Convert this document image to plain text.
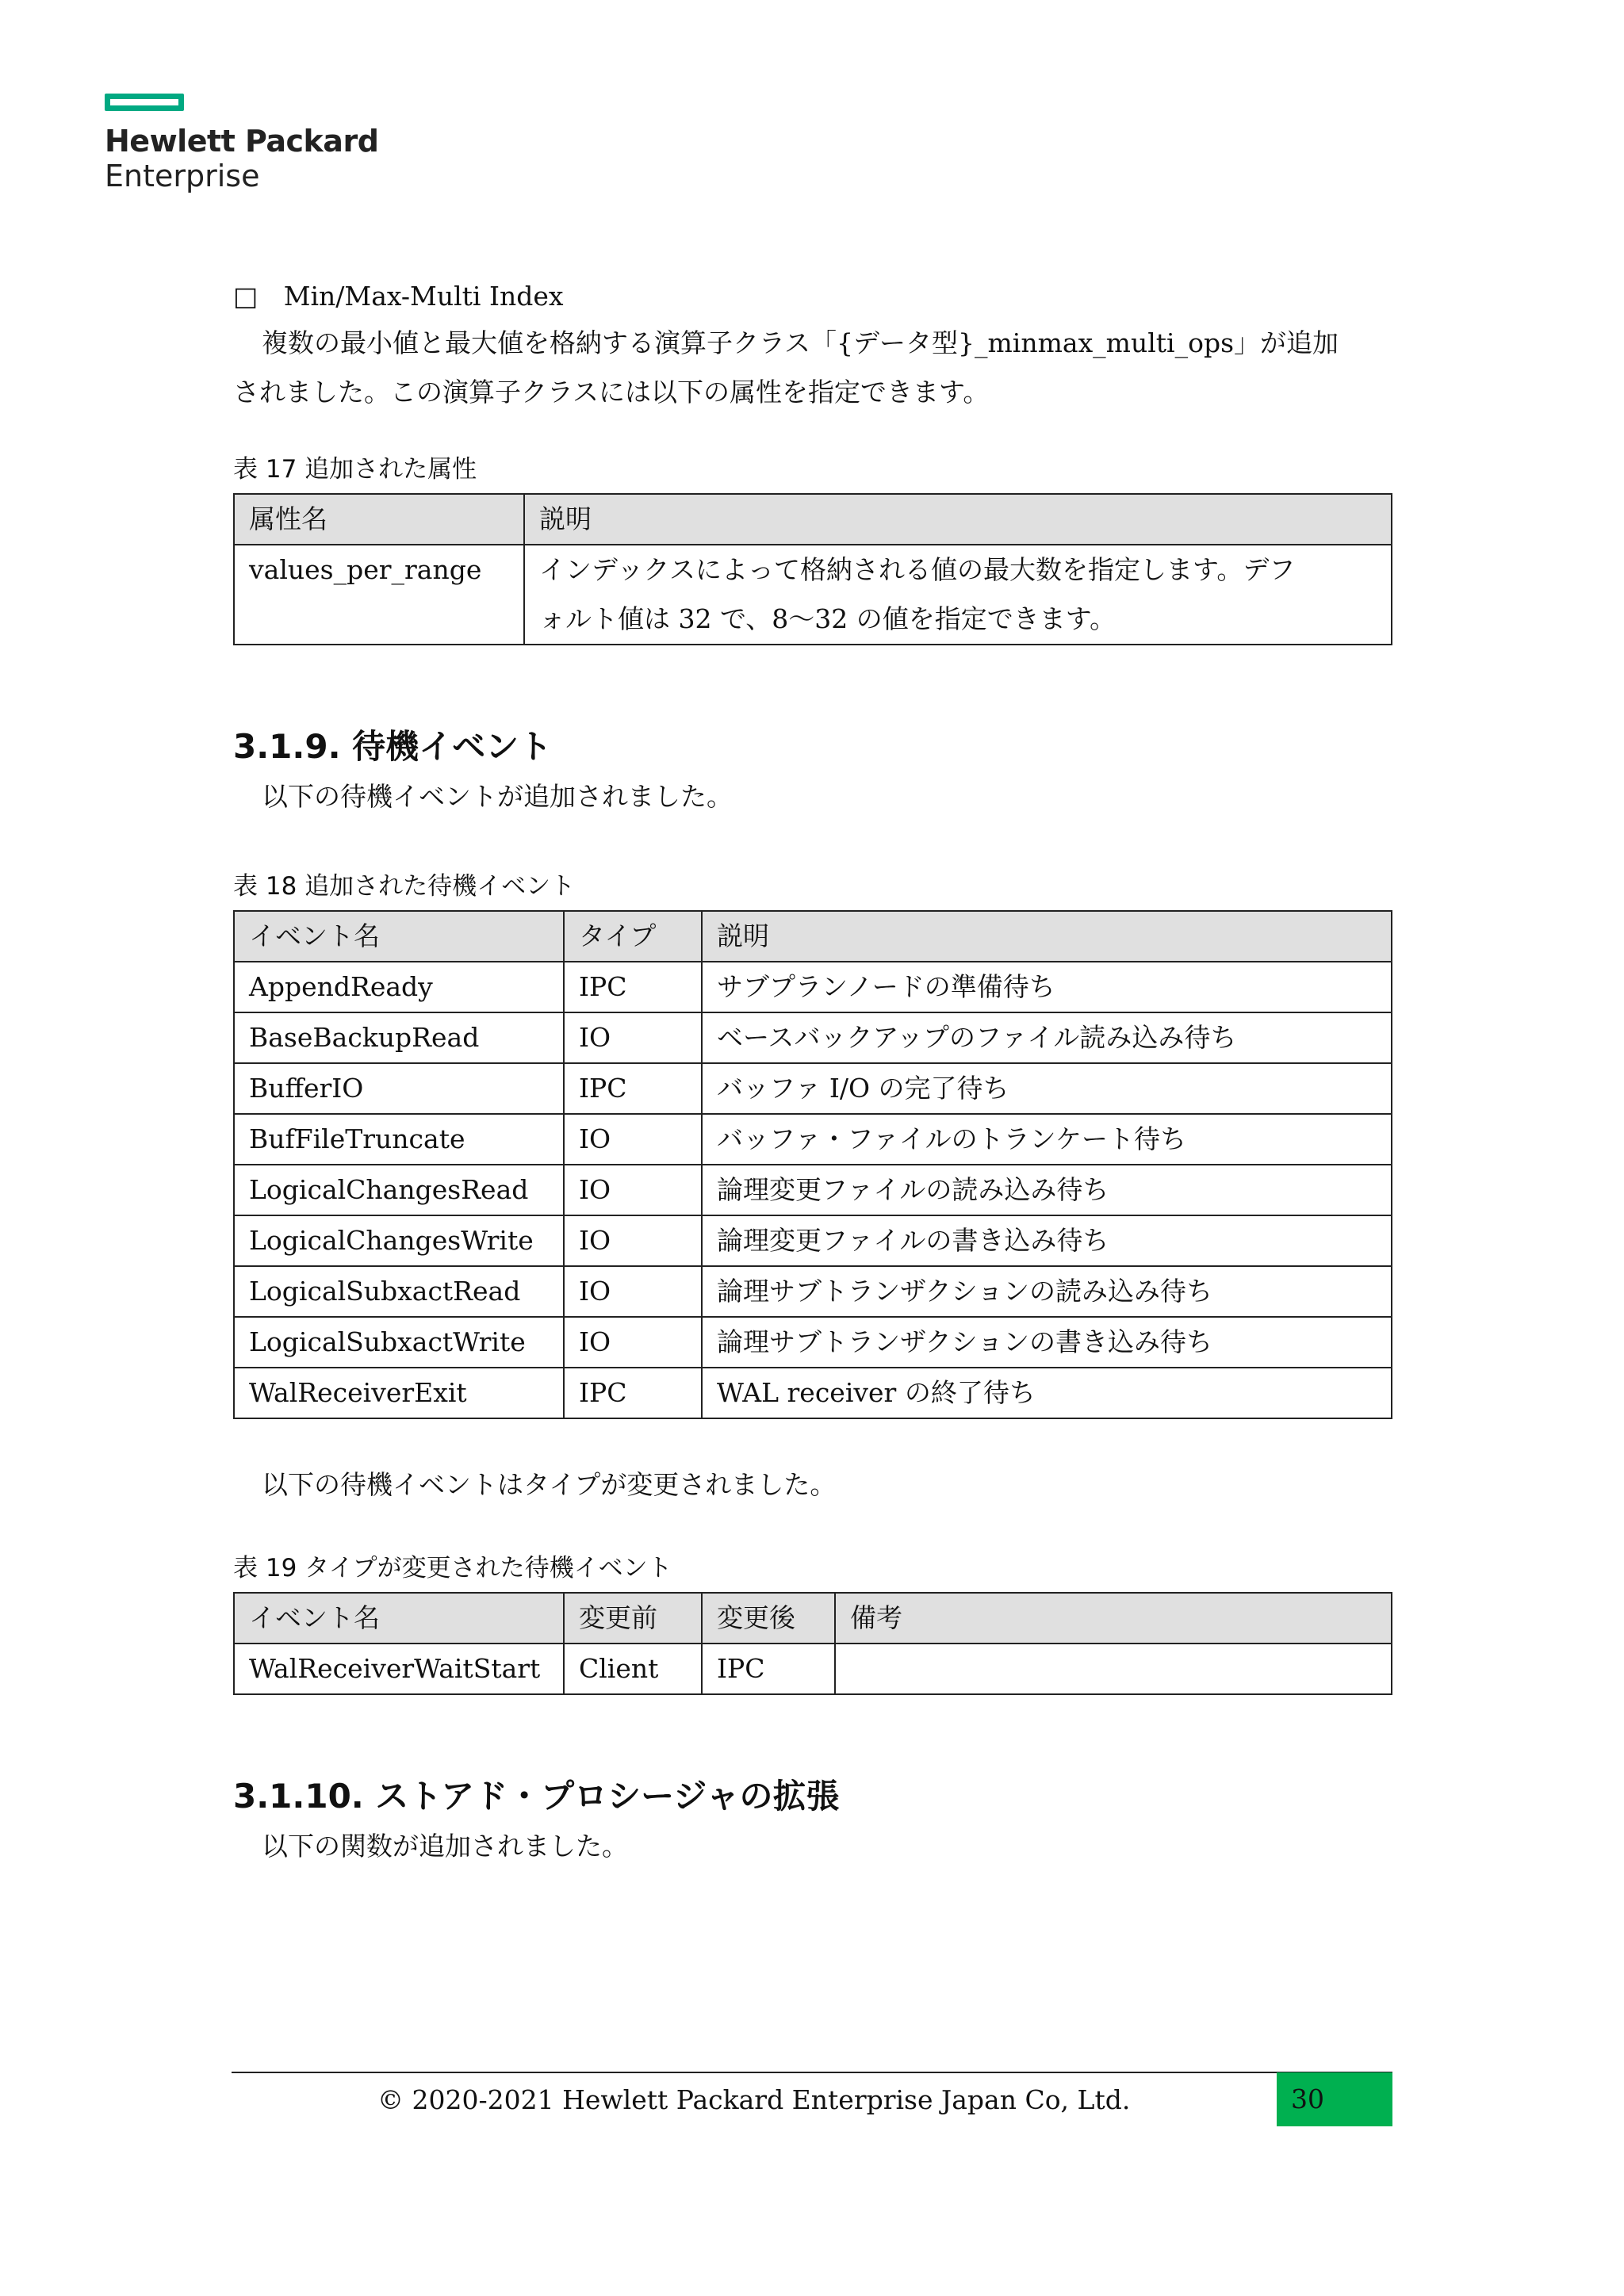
Hewlett Packard
Enterprise
□ Min/Max-Multi Index
複数の最小値と最大値を格納する演算子クラス「{データ型}_minmax_multi_ops」が追加
されました。この演算子クラスには以下の属性を指定できます。
表 17 追加された属性
属性名	説明
values_per_range	インデックスによって格納される値の最大数を指定します。デフ
ォルト値は 32 で、8〜32 の値を指定できます。
3.1.9. 待機イベント
以下の待機イベントが追加されました。
表 18 追加された待機イベント
イベント名	タイプ	説明
AppendReady	IPC	サブプランノードの準備待ち
BaseBackupRead	IO	ベースバックアップのファイル読み込み待ち
BufferIO	IPC	バッファ I/O の完了待ち
BufFileTruncate	IO	バッファ・ファイルのトランケート待ち
LogicalChangesRead	IO	論理変更ファイルの読み込み待ち
LogicalChangesWrite	IO	論理変更ファイルの書き込み待ち
LogicalSubxactRead	IO	論理サブトランザクションの読み込み待ち
LogicalSubxactWrite	IO	論理サブトランザクションの書き込み待ち
WalReceiverExit	IPC	WAL receiver の終了待ち
以下の待機イベントはタイプが変更されました。
表 19 タイプが変更された待機イベント
イベント名	変更前	変更後	備考
WalReceiverWaitStart	Client	IPC	
3.1.10. ストアド・プロシージャの拡張
以下の関数が追加されました。
© 2020-2021 Hewlett Packard Enterprise Japan Co, Ltd.	30
